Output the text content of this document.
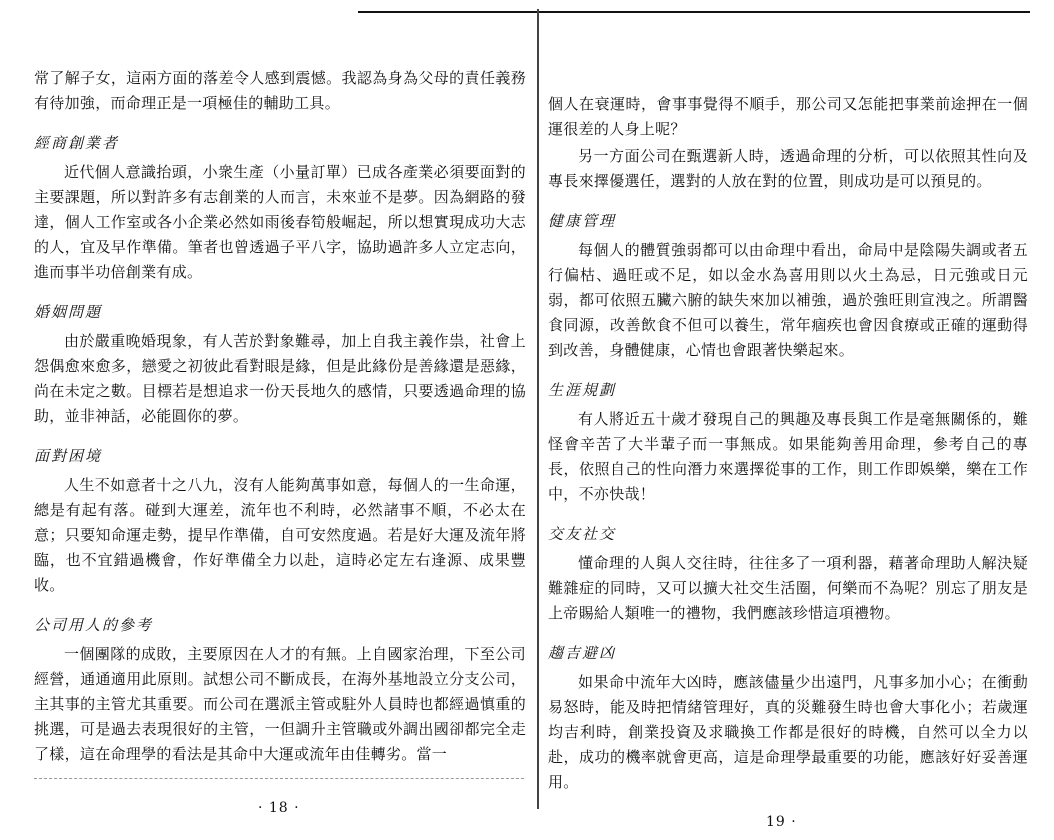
常了解子女，這兩方面的落差令人感到震憾。我認為身為父母的責任義務有待加強，而命理正是一項極佳的輔助工具。

經商創業者

近代個人意識抬頭，小衆生產（小量訂單）已成各產業必須要面對的主要課題，所以對許多有志創業的人而言，未來並不是夢。因為網路的發達，個人工作室或各小企業必然如雨後春筍般崛起，所以想實現成功大志的人，宜及早作準備。筆者也曾透過子平八字，協助過許多人立定志向，進而事半功倍創業有成。

婚姻問題

由於嚴重晚婚現象，有人苦於對象難尋，加上自我主義作祟，社會上怨偶愈來愈多，戀愛之初彼此看對眼是緣，但是此緣份是善緣還是惡緣，尚在未定之數。目標若是想追求一份天長地久的感情，只要透過命理的協助，並非神話，必能圓你的夢。

面對困境

人生不如意者十之八九，沒有人能夠萬事如意，每個人的一生命運，總是有起有落。碰到大運差，流年也不利時，必然諸事不順，不必太在意；只要知命運走勢，提早作準備，自可安然度過。若是好大運及流年將臨，也不宜錯過機會，作好準備全力以赴，這時必定左右逢源、成果豐收。

公司用人的參考

一個團隊的成敗，主要原因在人才的有無。上自國家治理，下至公司經營，通通適用此原則。試想公司不斷成長，在海外基地設立分支公司，主其事的主管尤其重要。而公司在選派主管或駐外人員時也都經過慎重的挑選，可是過去表現很好的主管，一但調升主管職或外調出國卻都完全走了樣，這在命理學的看法是其命中大運或流年由佳轉劣。當一

個人在衰運時，會事事覺得不順手，那公司又怎能把事業前途押在一個運很差的人身上呢？

另一方面公司在甄選新人時，透過命理的分析，可以依照其性向及專長來擇優選任，選對的人放在對的位置，則成功是可以預見的。

健康管理

每個人的體質強弱都可以由命理中看出，命局中是陰陽失調或者五行偏枯、過旺或不足，如以金水為喜用則以火土為忌，日元強或日元弱，都可依照五臟六腑的缺失來加以補強，過於強旺則宣洩之。所謂醫食同源，改善飲食不但可以養生，常年痼疾也會因食療或正確的運動得到改善，身體健康，心情也會跟著快樂起來。

生涯規劃

有人將近五十歲才發現自己的興趣及專長與工作是毫無關係的，難怪會辛苦了大半輩子而一事無成。如果能夠善用命理，參考自己的專長，依照自己的性向潛力來選擇從事的工作，則工作即娛樂，樂在工作中，不亦快哉！

交友社交

懂命理的人與人交往時，往往多了一項利器，藉著命理助人解決疑難雜症的同時，又可以擴大社交生活圈，何樂而不為呢？別忘了朋友是上帝賜給人類唯一的禮物，我們應該珍惜這項禮物。

趨吉避凶

如果命中流年大凶時，應該儘量少出遠門，凡事多加小心；在衝動易怒時，能及時把情緒管理好，真的災難發生時也會大事化小；若歲運均吉利時，創業投資及求職換工作都是很好的時機，自然可以全力以赴，成功的機率就會更高，這是命理學最重要的功能，應該好好妥善運用。

· 18 ·
19 ·
